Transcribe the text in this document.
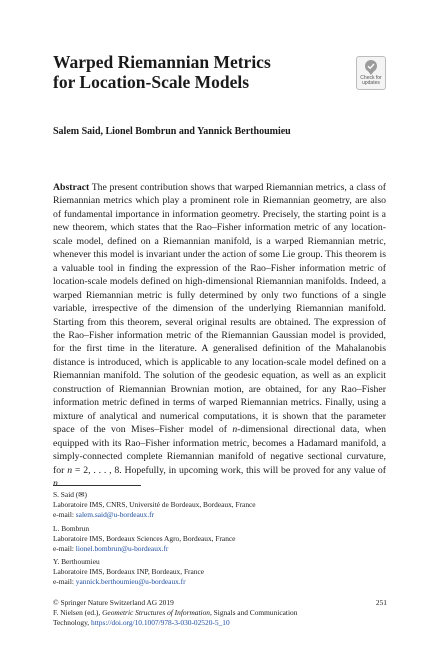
Warped Riemannian Metrics
for Location-Scale Models	Check for
updates
Salem Said, Lionel Bombrun and Yannick Berthoumieu

Abstract The present contribution shows that warped Riemannian metrics, a class of Riemannian metrics which play a prominent role in Riemannian geometry, are also of fundamental importance in information geometry. Precisely, the starting point is a new theorem, which states that the Rao–Fisher information metric of any location-scale model, defined on a Riemannian manifold, is a warped Riemannian metric, whenever this model is invariant under the action of some Lie group. This theorem is a valuable tool in finding the expression of the Rao–Fisher information metric of location-scale models defined on high-dimensional Riemannian manifolds. Indeed, a warped Riemannian metric is fully determined by only two functions of a single variable, irrespective of the dimension of the underlying Riemannian manifold. Starting from this theorem, several original results are obtained. The expression of the Rao–Fisher information metric of the Riemannian Gaussian model is provided, for the first time in the literature. A generalised definition of the Mahalanobis distance is introduced, which is applicable to any location-scale model defined on a Riemannian manifold. The solution of the geodesic equation, as well as an explicit construction of Riemannian Brownian motion, are obtained, for any Rao–Fisher information metric defined in terms of warped Riemannian metrics. Finally, using a mixture of analytical and numerical computations, it is shown that the parameter space of the von Mises–Fisher model of n-dimensional directional data, when equipped with its Rao–Fisher information metric, becomes a Hadamard manifold, a simply-connected complete Riemannian manifold of negative sectional curvature, for n = 2, . . . , 8. Hopefully, in upcoming work, this will be proved for any value of n.

S. Said (✉)
Laboratoire IMS, CNRS, Université de Bordeaux, Bordeaux, France
e-mail: salem.said@u-bordeaux.fr
L. Bombrun
Laboratoire IMS, Bordeaux Sciences Agro, Bordeaux, France
e-mail: lionel.bombrun@u-bordeaux.fr
Y. Berthoumieu
Laboratoire IMS, Bordeaux INP, Bordeaux, France
e-mail: yannick.berthoumieu@u-bordeaux.fr
© Springer Nature Switzerland AG 2019	251
F. Nielsen (ed.), Geometric Structures of Information, Signals and Communication
Technology, https://doi.org/10.1007/978-3-030-02520-5_10
